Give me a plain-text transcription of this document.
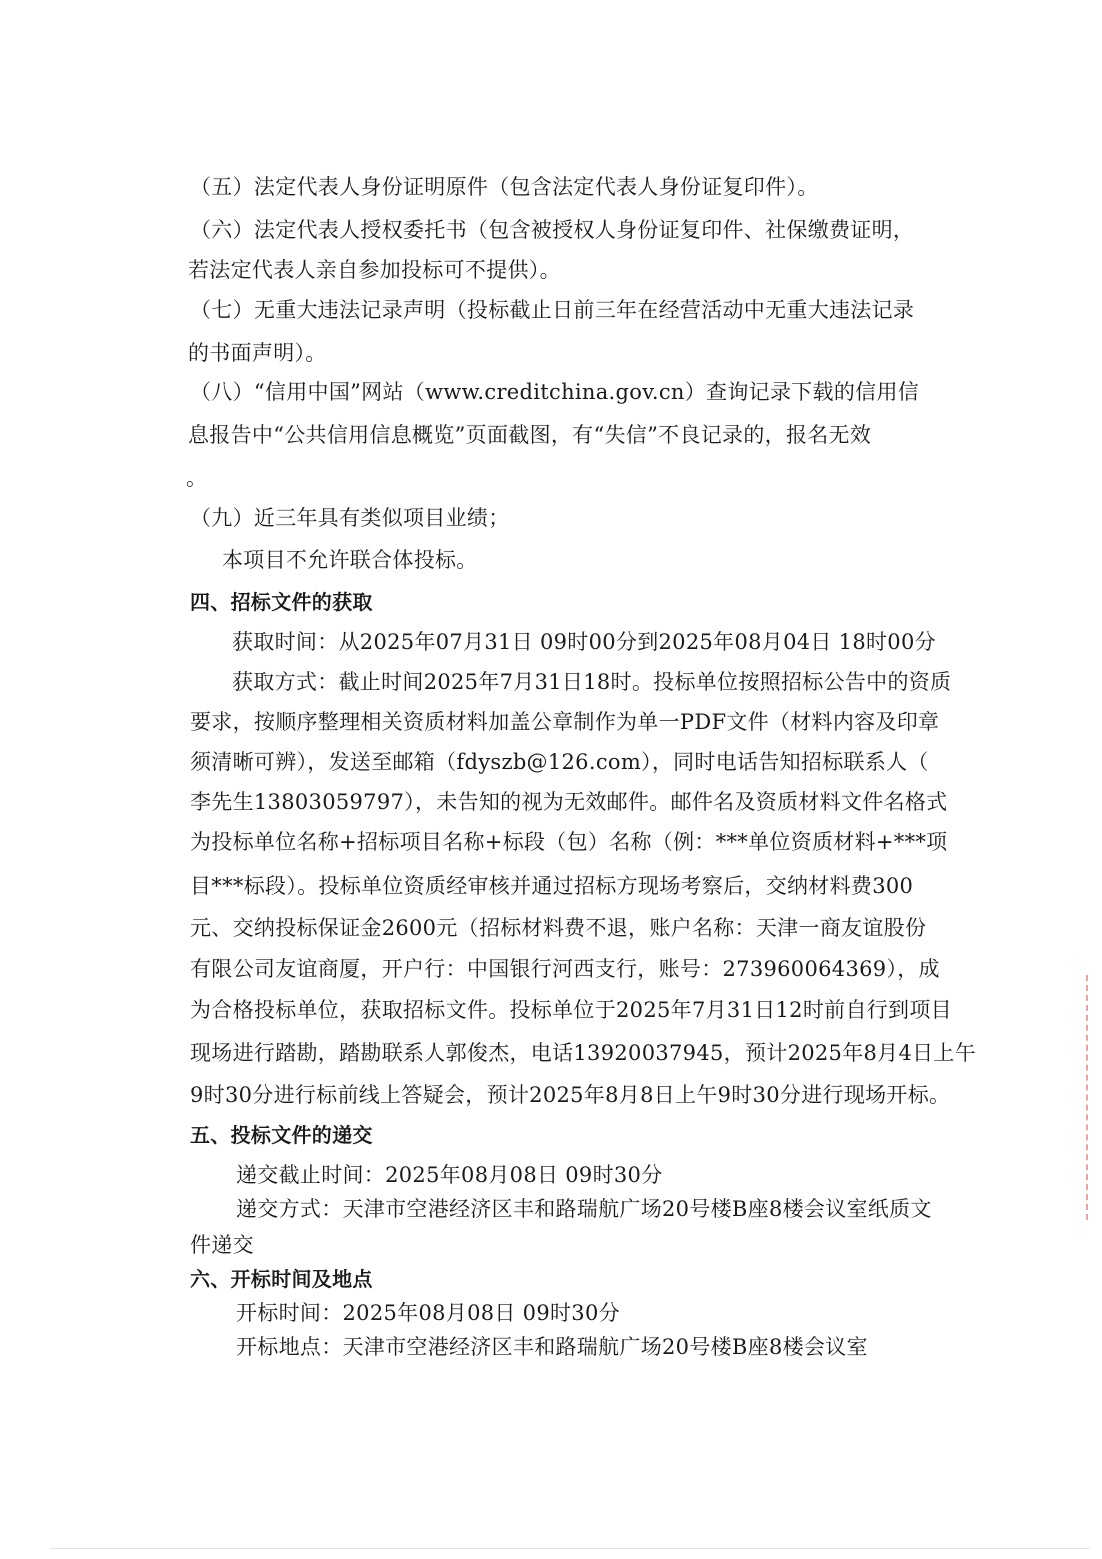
（五）法定代表人身份证明原件（包含法定代表人身份证复印件）。
（六）法定代表人授权委托书（包含被授权人身份证复印件、社保缴费证明，
若法定代表人亲自参加投标可不提供）。
（七）无重大违法记录声明（投标截止日前三年在经营活动中无重大违法记录
的书面声明）。
（八）“信用中国”网站（www.creditchina.gov.cn）查询记录下载的信用信
息报告中“公共信用信息概览”页面截图，有“失信”不良记录的，报名无效
。
（九）近三年具有类似项目业绩；
本项目不允许联合体投标。
四、招标文件的获取
获取时间：从2025年07月31日 09时00分到2025年08月04日 18时00分
获取方式：截止时间2025年7月31日18时。投标单位按照招标公告中的资质
要求，按顺序整理相关资质材料加盖公章制作为单一PDF文件（材料内容及印章
须清晰可辨），发送至邮箱（fdyszb@126.com），同时电话告知招标联系人（
李先生13803059797），未告知的视为无效邮件。邮件名及资质材料文件名格式
为投标单位名称+招标项目名称+标段（包）名称（例：***单位资质材料+***项
目***标段）。投标单位资质经审核并通过招标方现场考察后，交纳材料费300
元、交纳投标保证金2600元（招标材料费不退，账户名称：天津一商友谊股份
有限公司友谊商厦，开户行：中国银行河西支行，账号：273960064369），成
为合格投标单位，获取招标文件。投标单位于2025年7月31日12时前自行到项目
现场进行踏勘，踏勘联系人郭俊杰，电话13920037945，预计2025年8月4日上午
9时30分进行标前线上答疑会，预计2025年8月8日上午9时30分进行现场开标。
五、投标文件的递交
递交截止时间：2025年08月08日 09时30分
递交方式：天津市空港经济区丰和路瑞航广场20号楼B座8楼会议室纸质文
件递交
六、开标时间及地点
开标时间：2025年08月08日 09时30分
开标地点：天津市空港经济区丰和路瑞航广场20号楼B座8楼会议室
